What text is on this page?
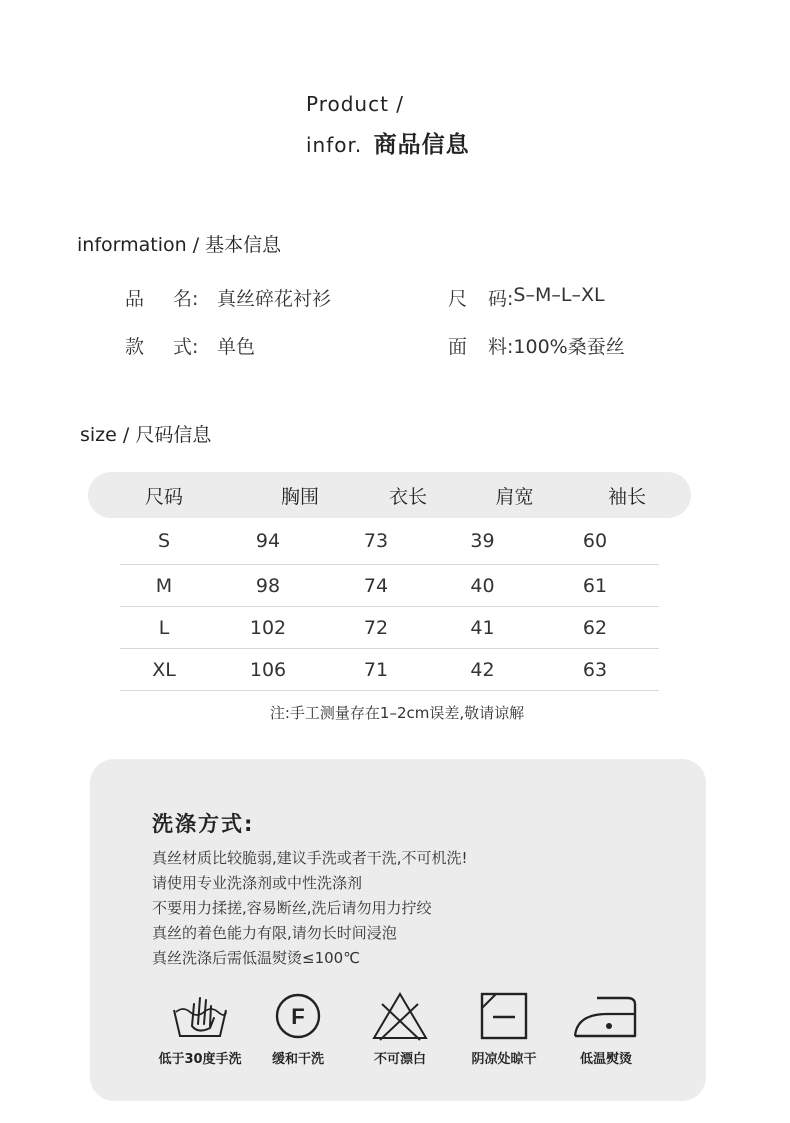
Product /
infor. 商品信息
information / 基本信息
品	名: 真丝碎花衬衫	尺	码: S–M–L–XL
款	式: 单色	面	料: 100%桑蚕丝
size / 尺码信息
尺码	胸围	衣长	肩宽	袖长
S	94	73	39	60
M	98	74	40	61
L	102	72	41	62
XL	106	71	42	63
注:手工测量存在1–2cm误差,敬请谅解
洗涤方式:
真丝材质比较脆弱,建议手洗或者干洗,不可机洗!
请使用专业洗涤剂或中性洗涤剂
不要用力揉搓,容易断丝,洗后请勿用力拧绞
真丝的着色能力有限,请勿长时间浸泡
真丝洗涤后需低温熨烫≤100℃
低于30度手洗
F
缓和干洗	不可漂白	阴凉处晾干	低温熨烫
